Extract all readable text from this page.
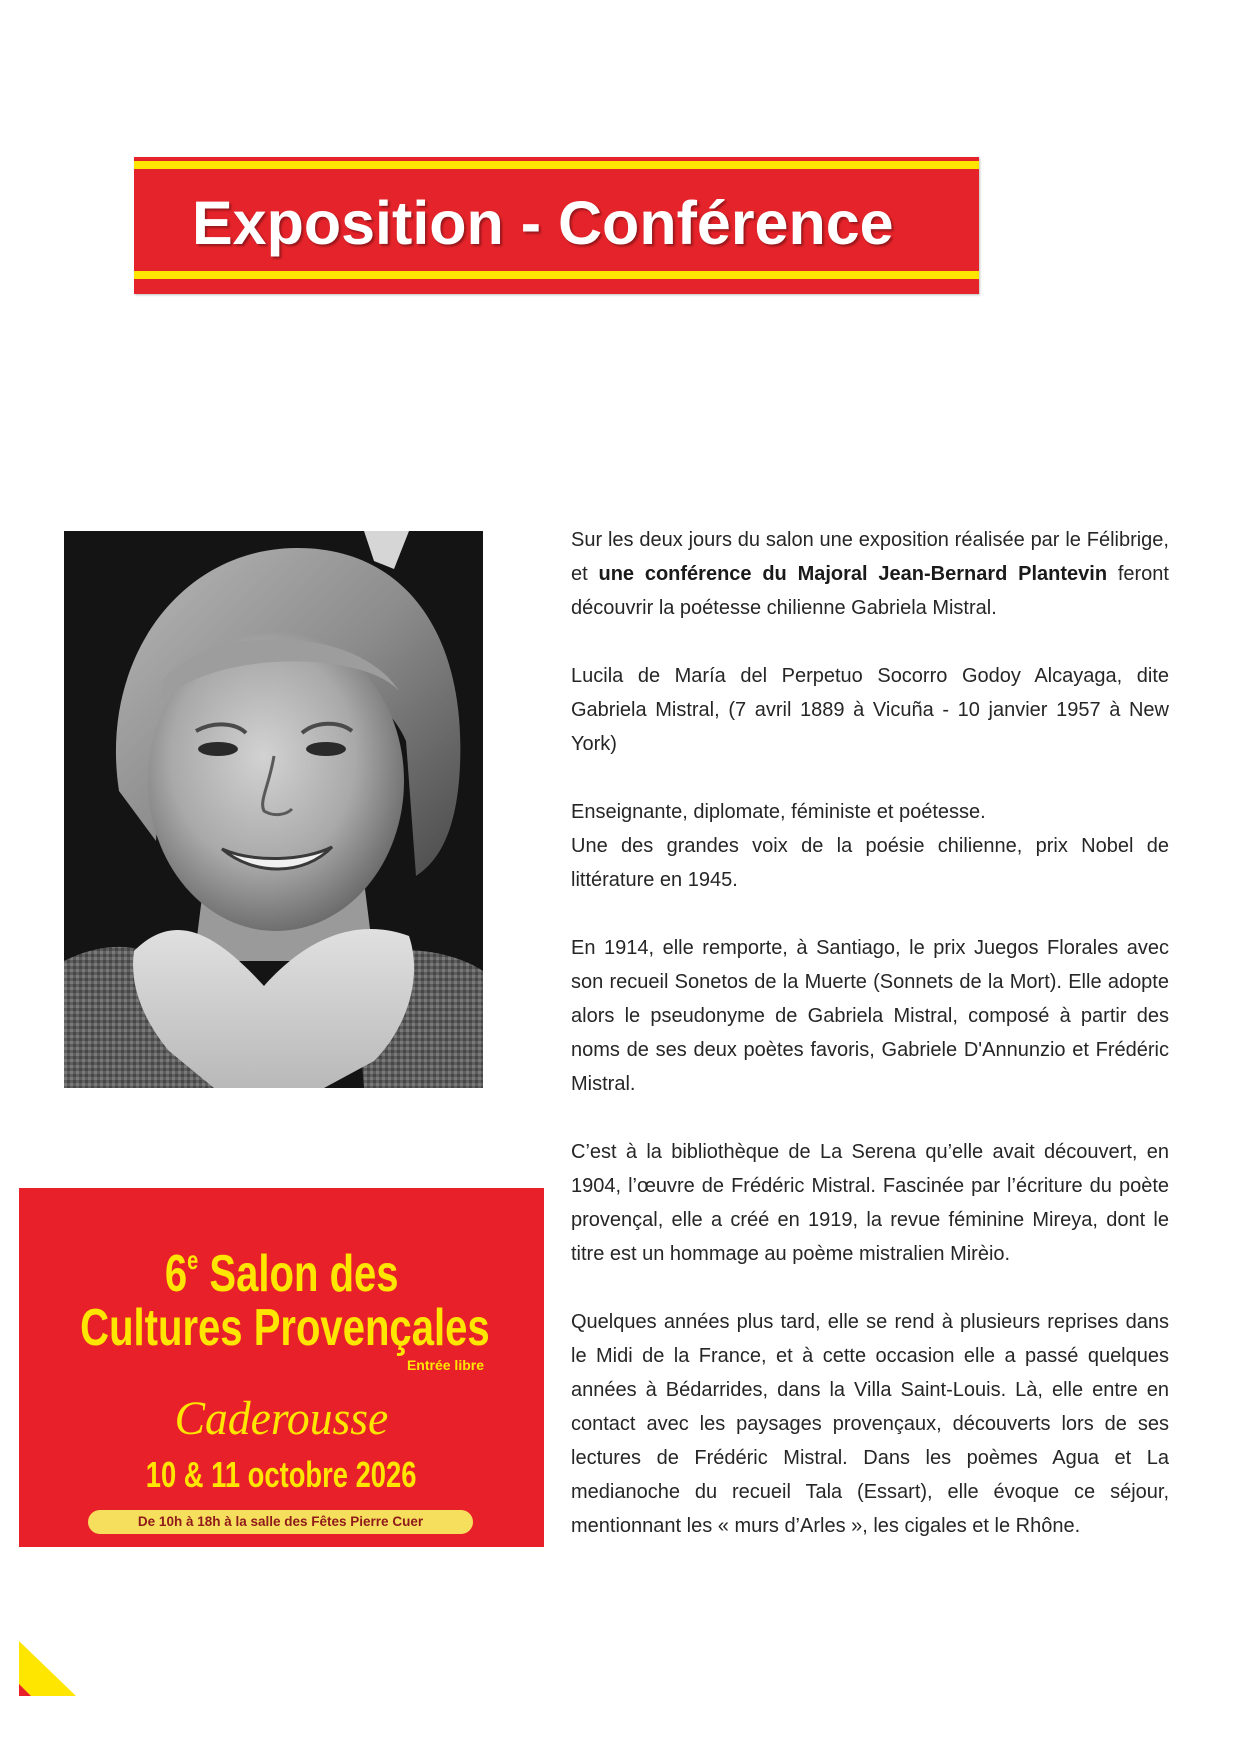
Exposition - Conférence

Sur les deux jours du salon une exposition réalisée par le Félibrige, et une conférence du Majoral Jean-Bernard Plantevin feront découvrir la poétesse chilienne Gabriela Mistral.

Lucila de María del Perpetuo Socorro Godoy Alcayaga, dite Gabriela Mistral, (7 avril 1889 à Vicuña - 10 janvier 1957 à New York)

Enseignante, diplomate, féministe et poétesse.
Une des grandes voix de la poésie chilienne, prix Nobel de littérature en 1945.

En 1914, elle remporte, à Santiago, le prix Juegos Florales avec son recueil Sonetos de la Muerte (Sonnets de la Mort). Elle adopte alors le pseudonyme de Gabriela Mistral, composé à partir des noms de ses deux poètes favoris, Gabriele D'Annunzio et Frédéric Mistral.

C’est à la bibliothèque de La Serena qu’elle avait découvert, en 1904, l’œuvre de Frédéric Mistral. Fascinée par l’écriture du poète provençal, elle a créé en 1919, la revue féminine Mireya, dont le titre est un hommage au poème mistralien Mirèio.

Quelques années plus tard, elle se rend à plusieurs reprises dans le Midi de la France, et à cette occasion elle a passé quelques années à Bédarrides, dans la Villa Saint-Louis. Là, elle entre en contact avec les paysages provençaux, découverts lors de ses lectures de Frédéric Mistral. Dans les poèmes Agua et La medianoche du recueil Tala (Essart), elle évoque ce séjour, mentionnant les « murs d’Arles », les cigales et le Rhône.

6e Salon des
Cultures Provençales
Entrée libre
Caderousse
10 & 11 octobre 2026
De 10h à 18h à la salle des Fêtes Pierre Cuer
